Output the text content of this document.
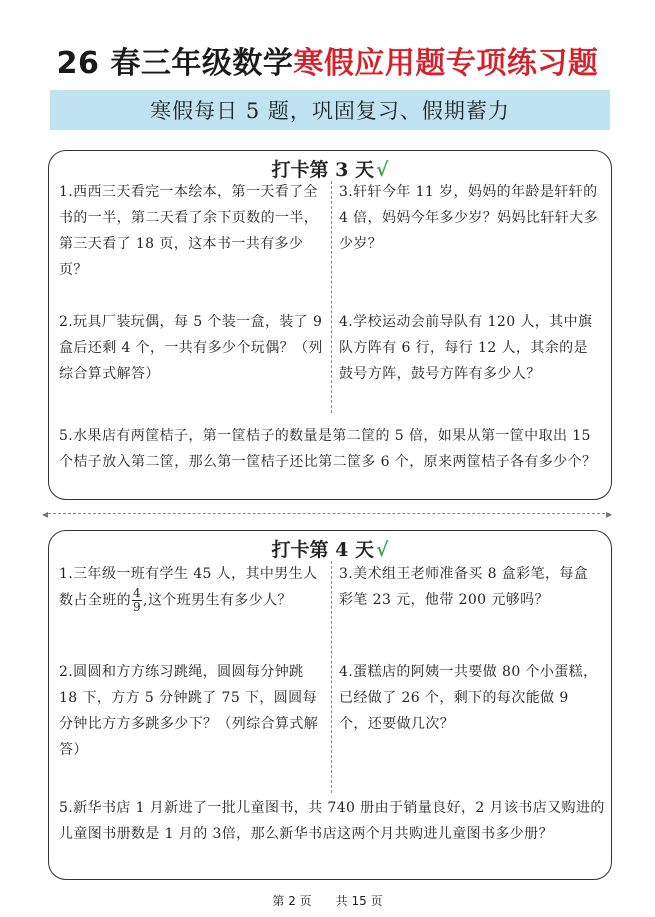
26 春三年级数学寒假应用题专项练习题
寒假每日 5 题，巩固复习、假期蓄力
打卡第 3 天 √
1.西西三天看完一本绘本，第一天看了全书的一半，第二天看了余下页数的一半，第三天看了 18 页，这本书一共有多少页？
3.轩轩今年 11 岁，妈妈的年龄是轩轩的 4 倍，妈妈今年多少岁？妈妈比轩轩大多少岁？
2.玩具厂装玩偶，每 5 个装一盒，装了 9 盒后还剩 4 个，一共有多少个玩偶？（列综合算式解答）
4.学校运动会前导队有 120 人，其中旗队方阵有 6 行，每行 12 人，其余的是鼓号方阵，鼓号方阵有多少人？
5.水果店有两筐桔子，第一筐桔子的数量是第二筐的 5 倍，如果从第一筐中取出 15 个桔子放入第二筐，那么第一筐桔子还比第二筐多 6 个，原来两筐桔子各有多少个？
◂	▸
打卡第 4 天 √
1.三年级一班有学生 45 人，其中男生人数占全班的 $\frac{4}{9}$ ,这个班男生有多少人？
3.美术组王老师准备买 8 盒彩笔，每盒彩笔 23 元，他带 200 元够吗？
2.圆圆和方方练习跳绳，圆圆每分钟跳 18 下，方方 5 分钟跳了 75 下，圆圆每分钟比方方多跳多少下？（列综合算式解答）
4.蛋糕店的阿姨一共要做 80 个小蛋糕，已经做了 26 个，剩下的每次能做 9 个，还要做几次？
5.新华书店 1 月新进了一批儿童图书，共 740 册由于销量良好，2 月该书店又购进的儿童图书册数是 1 月的 3倍，那么新华书店这两个月共购进儿童图书多少册？
第 2 页 共 15 页
